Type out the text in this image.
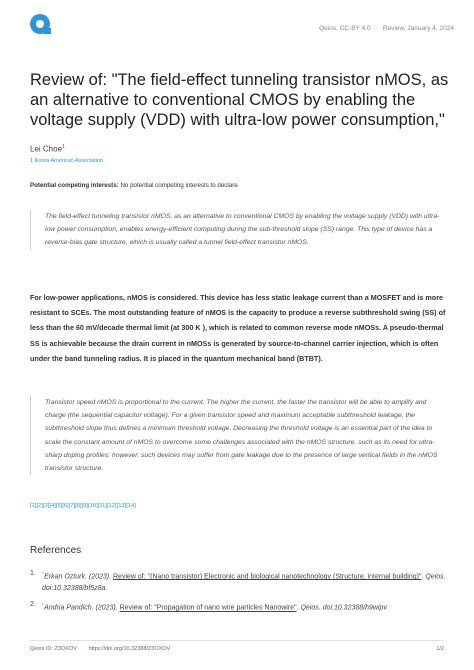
Qeios, CC-BY 4.0 · Review, January 4, 2024
Review of: "The field-effect tunneling transistor nMOS, as an alternative to conventional CMOS by enabling the voltage supply (VDD) with ultra-low power consumption,"
Lei Choe$^1$
1 Korea American Association
Potential competing interests: No potential competing interests to declare.
The field-effect tunneling transistor nMOS, as an alternative to conventional CMOS by enabling the voltage supply (VDD) with ultra-low power consumption, enables energy-efficient computing during the sub-threshold slope (SS) range. This type of device has a reverse-bias gate structure, which is usually called a tunnel field-effect transistor nMOS.
For low-power applications, nMOS is considered. This device has less static leakage current than a MOSFET and is more resistant to SCEs. The most outstanding feature of nMOS is the capacity to produce a reverse subthreshold swing (SS) of less than the 60 mV/decade thermal limit (at 300 K ), which is related to common reverse mode nMOSs. A pseudo-thermal SS is achievable because the drain current in nMOSs is generated by source-to-channel carrier injection, which is often under the band tunneling radius. It is placed in the quantum mechanical band (BTBT).
Transistor speed nMOS is proportional to the current. The higher the current, the faster the transistor will be able to amplify and charge (the sequential capacitor voltage). For a given transistor speed and maximum acceptable subthreshold leakage, the subthreshold slope thus defines a minimum threshold voltage. Decreasing the threshold voltage is an essential part of the idea to scale the constant amount of nMOS to overcome some challenges associated with the nMOS structure, such as its need for ultra-sharp doping profiles; however, such devices may suffer from gate leakage due to the presence of large vertical fields in the nMOS transistor structure.
[1][2][3][4][5][6][7][8][9][10][11][12][13][14]
References
1.	^Erkan Ozturk. (2023). Review of: "(Nano transistor) Electronic and biological nanotechnology (Structure, internal building)". Qeios. doi:10.32388/bf5z8a.
2.	^Andria Pandich. (2023). Review of: "Propagation of nano wire particles Nanowire". Qeios. doi:10.32388/h9wipv.
Qeios ID: Z3OXOV · https://doi.org/10.32388/Z3OXOV	1/2
